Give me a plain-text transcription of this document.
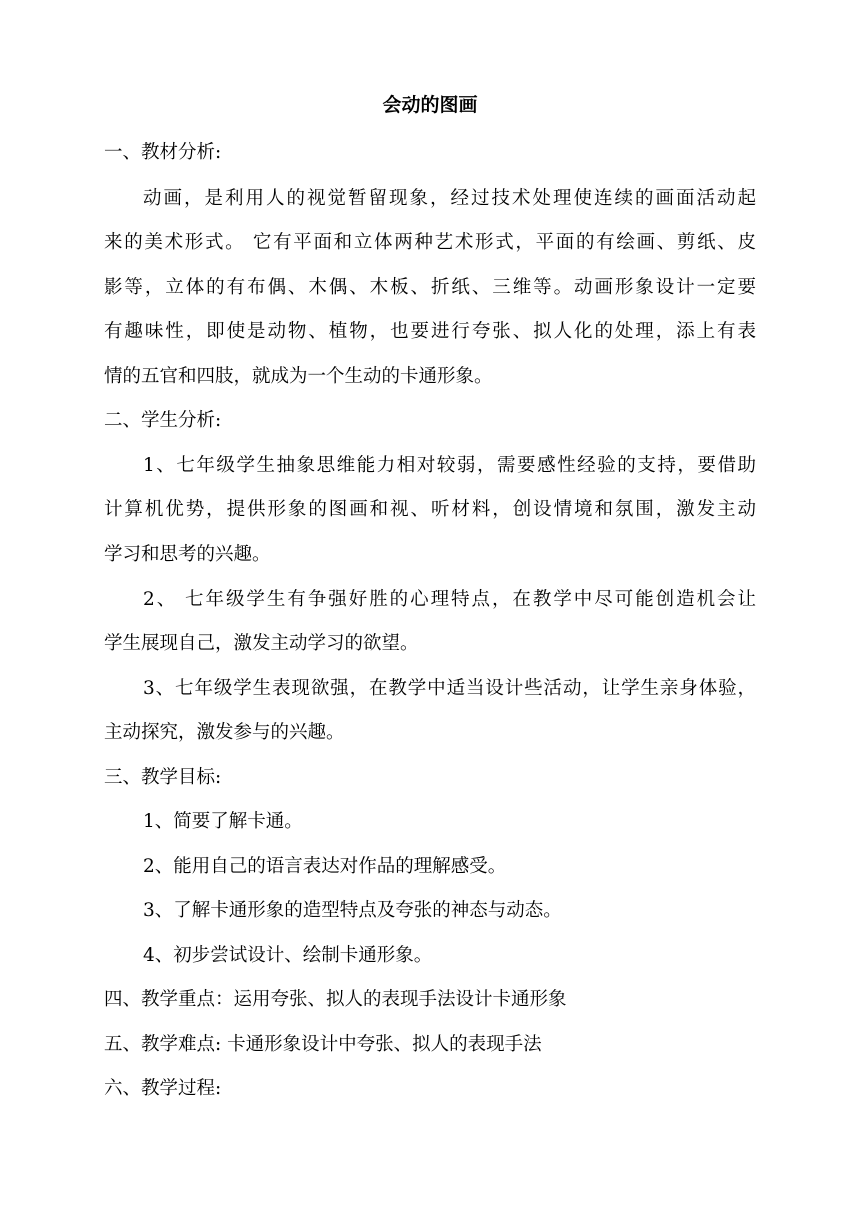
会动的图画
一、教材分析:
动画，是利用人的视觉暂留现象，经过技术处理使连续的画面活动起
来的美术形式。 它有平面和立体两种艺术形式，平面的有绘画、剪纸、皮
影等，立体的有布偶、木偶、木板、折纸、三维等。动画形象设计一定要
有趣味性，即使是动物、植物，也要进行夸张、拟人化的处理，添上有表
情的五官和四肢，就成为一个生动的卡通形象。
二、学生分析:
1、七年级学生抽象思维能力相对较弱，需要感性经验的支持，要借助
计算机优势，提供形象的图画和视、听材料，创设情境和氛围，激发主动
学习和思考的兴趣。
2、 七年级学生有争强好胜的心理特点，在教学中尽可能创造机会让
学生展现自己，激发主动学习的欲望。
3、七年级学生表现欲强，在教学中适当设计些活动，让学生亲身体验，
主动探究，激发参与的兴趣。
三、教学目标:
1、简要了解卡通。
2、能用自己的语言表达对作品的理解感受。
3、了解卡通形象的造型特点及夸张的神态与动态。
4、初步尝试设计、绘制卡通形象。
四、教学重点：运用夸张、拟人的表现手法设计卡通形象
五、教学难点: 卡通形象设计中夸张、拟人的表现手法
六、教学过程:
